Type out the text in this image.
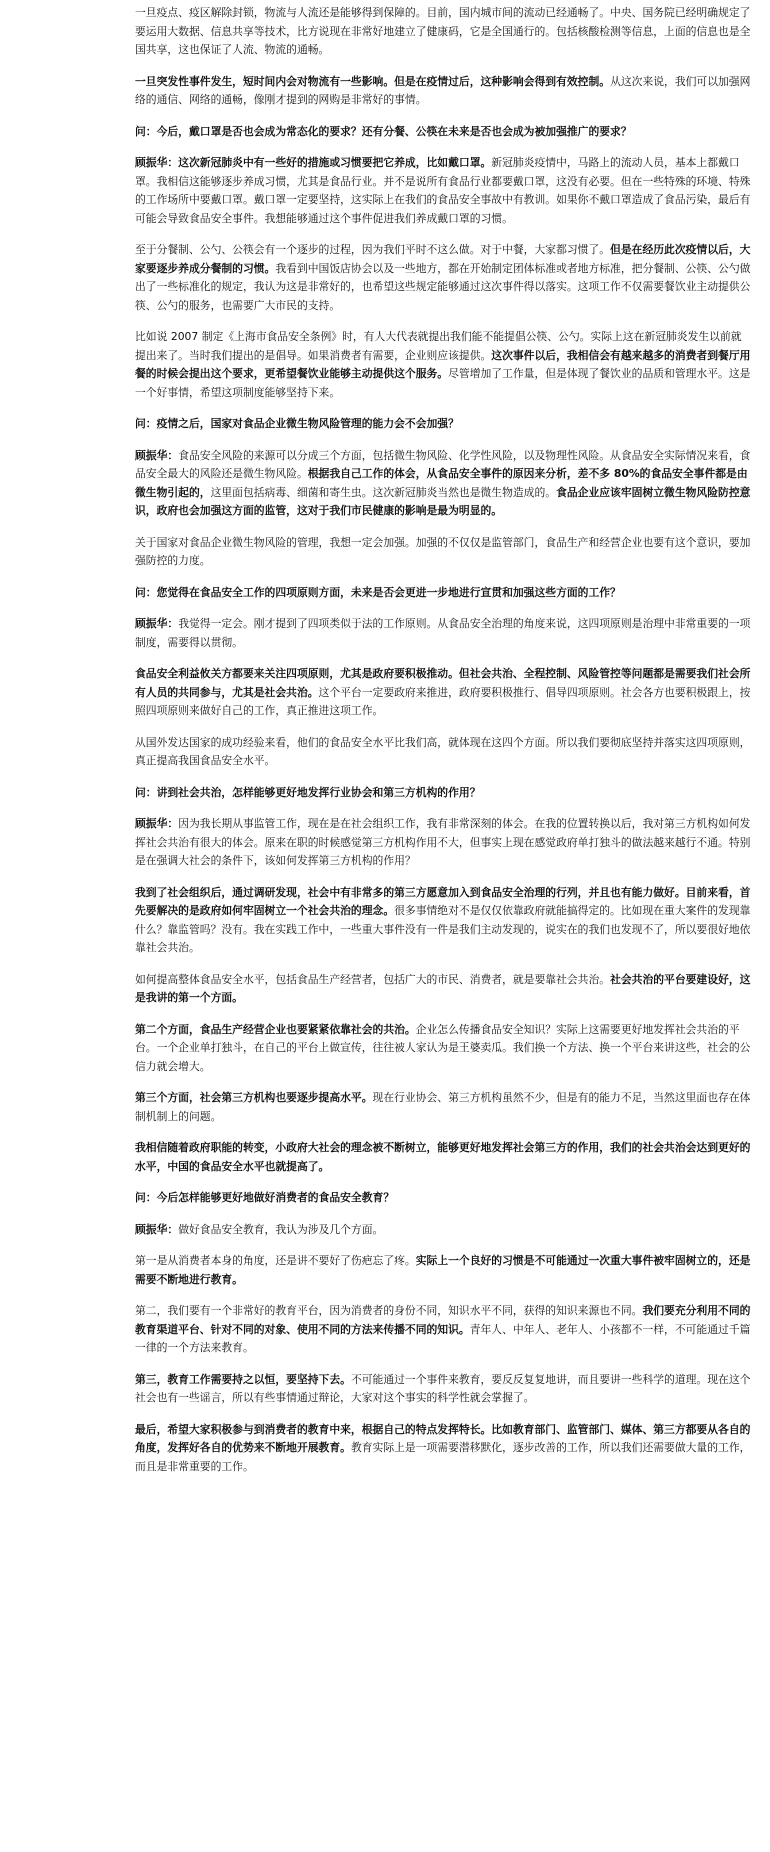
一旦疫点、疫区解除封锁，物流与人流还是能够得到保障的。目前，国内城市间的流动已经通畅了。中央、国务院已经明确规定了要运用大数据、信息共享等技术，比方说现在非常好地建立了健康码，它是全国通行的。包括核酸检测等信息，上面的信息也是全国共享，这也保证了人流、物流的通畅。

一旦突发性事件发生，短时间内会对物流有一些影响。但是在疫情过后，这种影响会得到有效控制。从这次来说，我们可以加强网络的通信、网络的通畅，像刚才提到的网购是非常好的事情。

问：今后，戴口罩是否也会成为常态化的要求？还有分餐、公筷在未来是否也会成为被加强推广的要求？

顾振华：这次新冠肺炎中有一些好的措施或习惯要把它养成，比如戴口罩。新冠肺炎疫情中，马路上的流动人员，基本上都戴口罩。我相信这能够逐步养成习惯，尤其是食品行业。并不是说所有食品行业都要戴口罩，这没有必要。但在一些特殊的环境、特殊的工作场所中要戴口罩。戴口罩一定要坚持，这实际上在我们的食品安全事故中有教训。如果你不戴口罩造成了食品污染，最后有可能会导致食品安全事件。我想能够通过这个事件促进我们养成戴口罩的习惯。

至于分餐制、公勺、公筷会有一个逐步的过程，因为我们平时不这么做。对于中餐，大家都习惯了。但是在经历此次疫情以后，大家要逐步养成分餐制的习惯。我看到中国饭店协会以及一些地方，都在开始制定团体标准或者地方标准，把分餐制、公筷、公勺做出了一些标准化的规定，我认为这是非常好的，也希望这些规定能够通过这次事件得以落实。这项工作不仅需要餐饮业主动提供公筷、公勺的服务，也需要广大市民的支持。

比如说 2007 制定《上海市食品安全条例》时，有人大代表就提出我们能不能提倡公筷、公勺。实际上这在新冠肺炎发生以前就提出来了。当时我们提出的是倡导。如果消费者有需要，企业则应该提供。这次事件以后，我相信会有越来越多的消费者到餐厅用餐的时候会提出这个要求，更希望餐饮业能够主动提供这个服务。尽管增加了工作量，但是体现了餐饮业的品质和管理水平。这是一个好事情，希望这项制度能够坚持下来。

问：疫情之后，国家对食品企业微生物风险管理的能力会不会加强？

顾振华：食品安全风险的来源可以分成三个方面，包括微生物风险、化学性风险，以及物理性风险。从食品安全实际情况来看，食品安全最大的风险还是微生物风险。根据我自己工作的体会，从食品安全事件的原因来分析，差不多 80%的食品安全事件都是由微生物引起的，这里面包括病毒、细菌和寄生虫。这次新冠肺炎当然也是微生物造成的。食品企业应该牢固树立微生物风险防控意识，政府也会加强这方面的监管，这对于我们市民健康的影响是最为明显的。

关于国家对食品企业微生物风险的管理，我想一定会加强。加强的不仅仅是监管部门，食品生产和经营企业也要有这个意识，要加强防控的力度。

问：您觉得在食品安全工作的四项原则方面，未来是否会更进一步地进行宣贯和加强这些方面的工作？

顾振华：我觉得一定会。刚才提到了四项类似于法的工作原则。从食品安全治理的角度来说，这四项原则是治理中非常重要的一项制度，需要得以贯彻。

食品安全利益攸关方都要来关注四项原则，尤其是政府要积极推动。但社会共治、全程控制、风险管控等问题都是需要我们社会所有人员的共同参与，尤其是社会共治。这个平台一定要政府来推进，政府要积极推行、倡导四项原则。社会各方也要积极跟上，按照四项原则来做好自己的工作，真正推进这项工作。

从国外发达国家的成功经验来看，他们的食品安全水平比我们高，就体现在这四个方面。所以我们要彻底坚持并落实这四项原则，真正提高我国食品安全水平。

问：讲到社会共治，怎样能够更好地发挥行业协会和第三方机构的作用？

顾振华：因为我长期从事监管工作，现在是在社会组织工作，我有非常深刻的体会。在我的位置转换以后，我对第三方机构如何发挥社会共治有很大的体会。原来在职的时候感觉第三方机构作用不大，但事实上现在感觉政府单打独斗的做法越来越行不通。特别是在强调大社会的条件下，该如何发挥第三方机构的作用？

我到了社会组织后，通过调研发现，社会中有非常多的第三方愿意加入到食品安全治理的行列，并且也有能力做好。目前来看，首先要解决的是政府如何牢固树立一个社会共治的理念。很多事情绝对不是仅仅依靠政府就能搞得定的。比如现在重大案件的发现靠什么？靠监管吗？没有。我在实践工作中，一些重大事件没有一件是我们主动发现的，说实在的我们也发现不了，所以要很好地依靠社会共治。

如何提高整体食品安全水平，包括食品生产经营者，包括广大的市民、消费者，就是要靠社会共治。社会共治的平台要建设好，这是我讲的第一个方面。

第二个方面，食品生产经营企业也要紧紧依靠社会的共治。企业怎么传播食品安全知识？实际上这需要更好地发挥社会共治的平台。一个企业单打独斗，在自己的平台上做宣传，往往被人家认为是王婆卖瓜。我们换一个方法、换一个平台来讲这些，社会的公信力就会增大。

第三个方面，社会第三方机构也要逐步提高水平。现在行业协会、第三方机构虽然不少，但是有的能力不足，当然这里面也存在体制机制上的问题。

我相信随着政府职能的转变，小政府大社会的理念被不断树立，能够更好地发挥社会第三方的作用，我们的社会共治会达到更好的水平，中国的食品安全水平也就提高了。

问：今后怎样能够更好地做好消费者的食品安全教育？

顾振华：做好食品安全教育，我认为涉及几个方面。

第一是从消费者本身的角度，还是讲不要好了伤疤忘了疼。实际上一个良好的习惯是不可能通过一次重大事件被牢固树立的，还是需要不断地进行教育。

第二，我们要有一个非常好的教育平台，因为消费者的身份不同，知识水平不同，获得的知识来源也不同。我们要充分利用不同的教育渠道平台、针对不同的对象、使用不同的方法来传播不同的知识。青年人、中年人、老年人、小孩都不一样，不可能通过千篇一律的一个方法来教育。

第三，教育工作需要持之以恒，要坚持下去。不可能通过一个事件来教育，要反反复复地讲，而且要讲一些科学的道理。现在这个社会也有一些谣言，所以有些事情通过辩论，大家对这个事实的科学性就会掌握了。

最后，希望大家积极参与到消费者的教育中来，根据自己的特点发挥特长。比如教育部门、监管部门、媒体、第三方都要从各自的角度，发挥好各自的优势来不断地开展教育。教育实际上是一项需要潜移默化，逐步改善的工作，所以我们还需要做大量的工作，而且是非常重要的工作。
